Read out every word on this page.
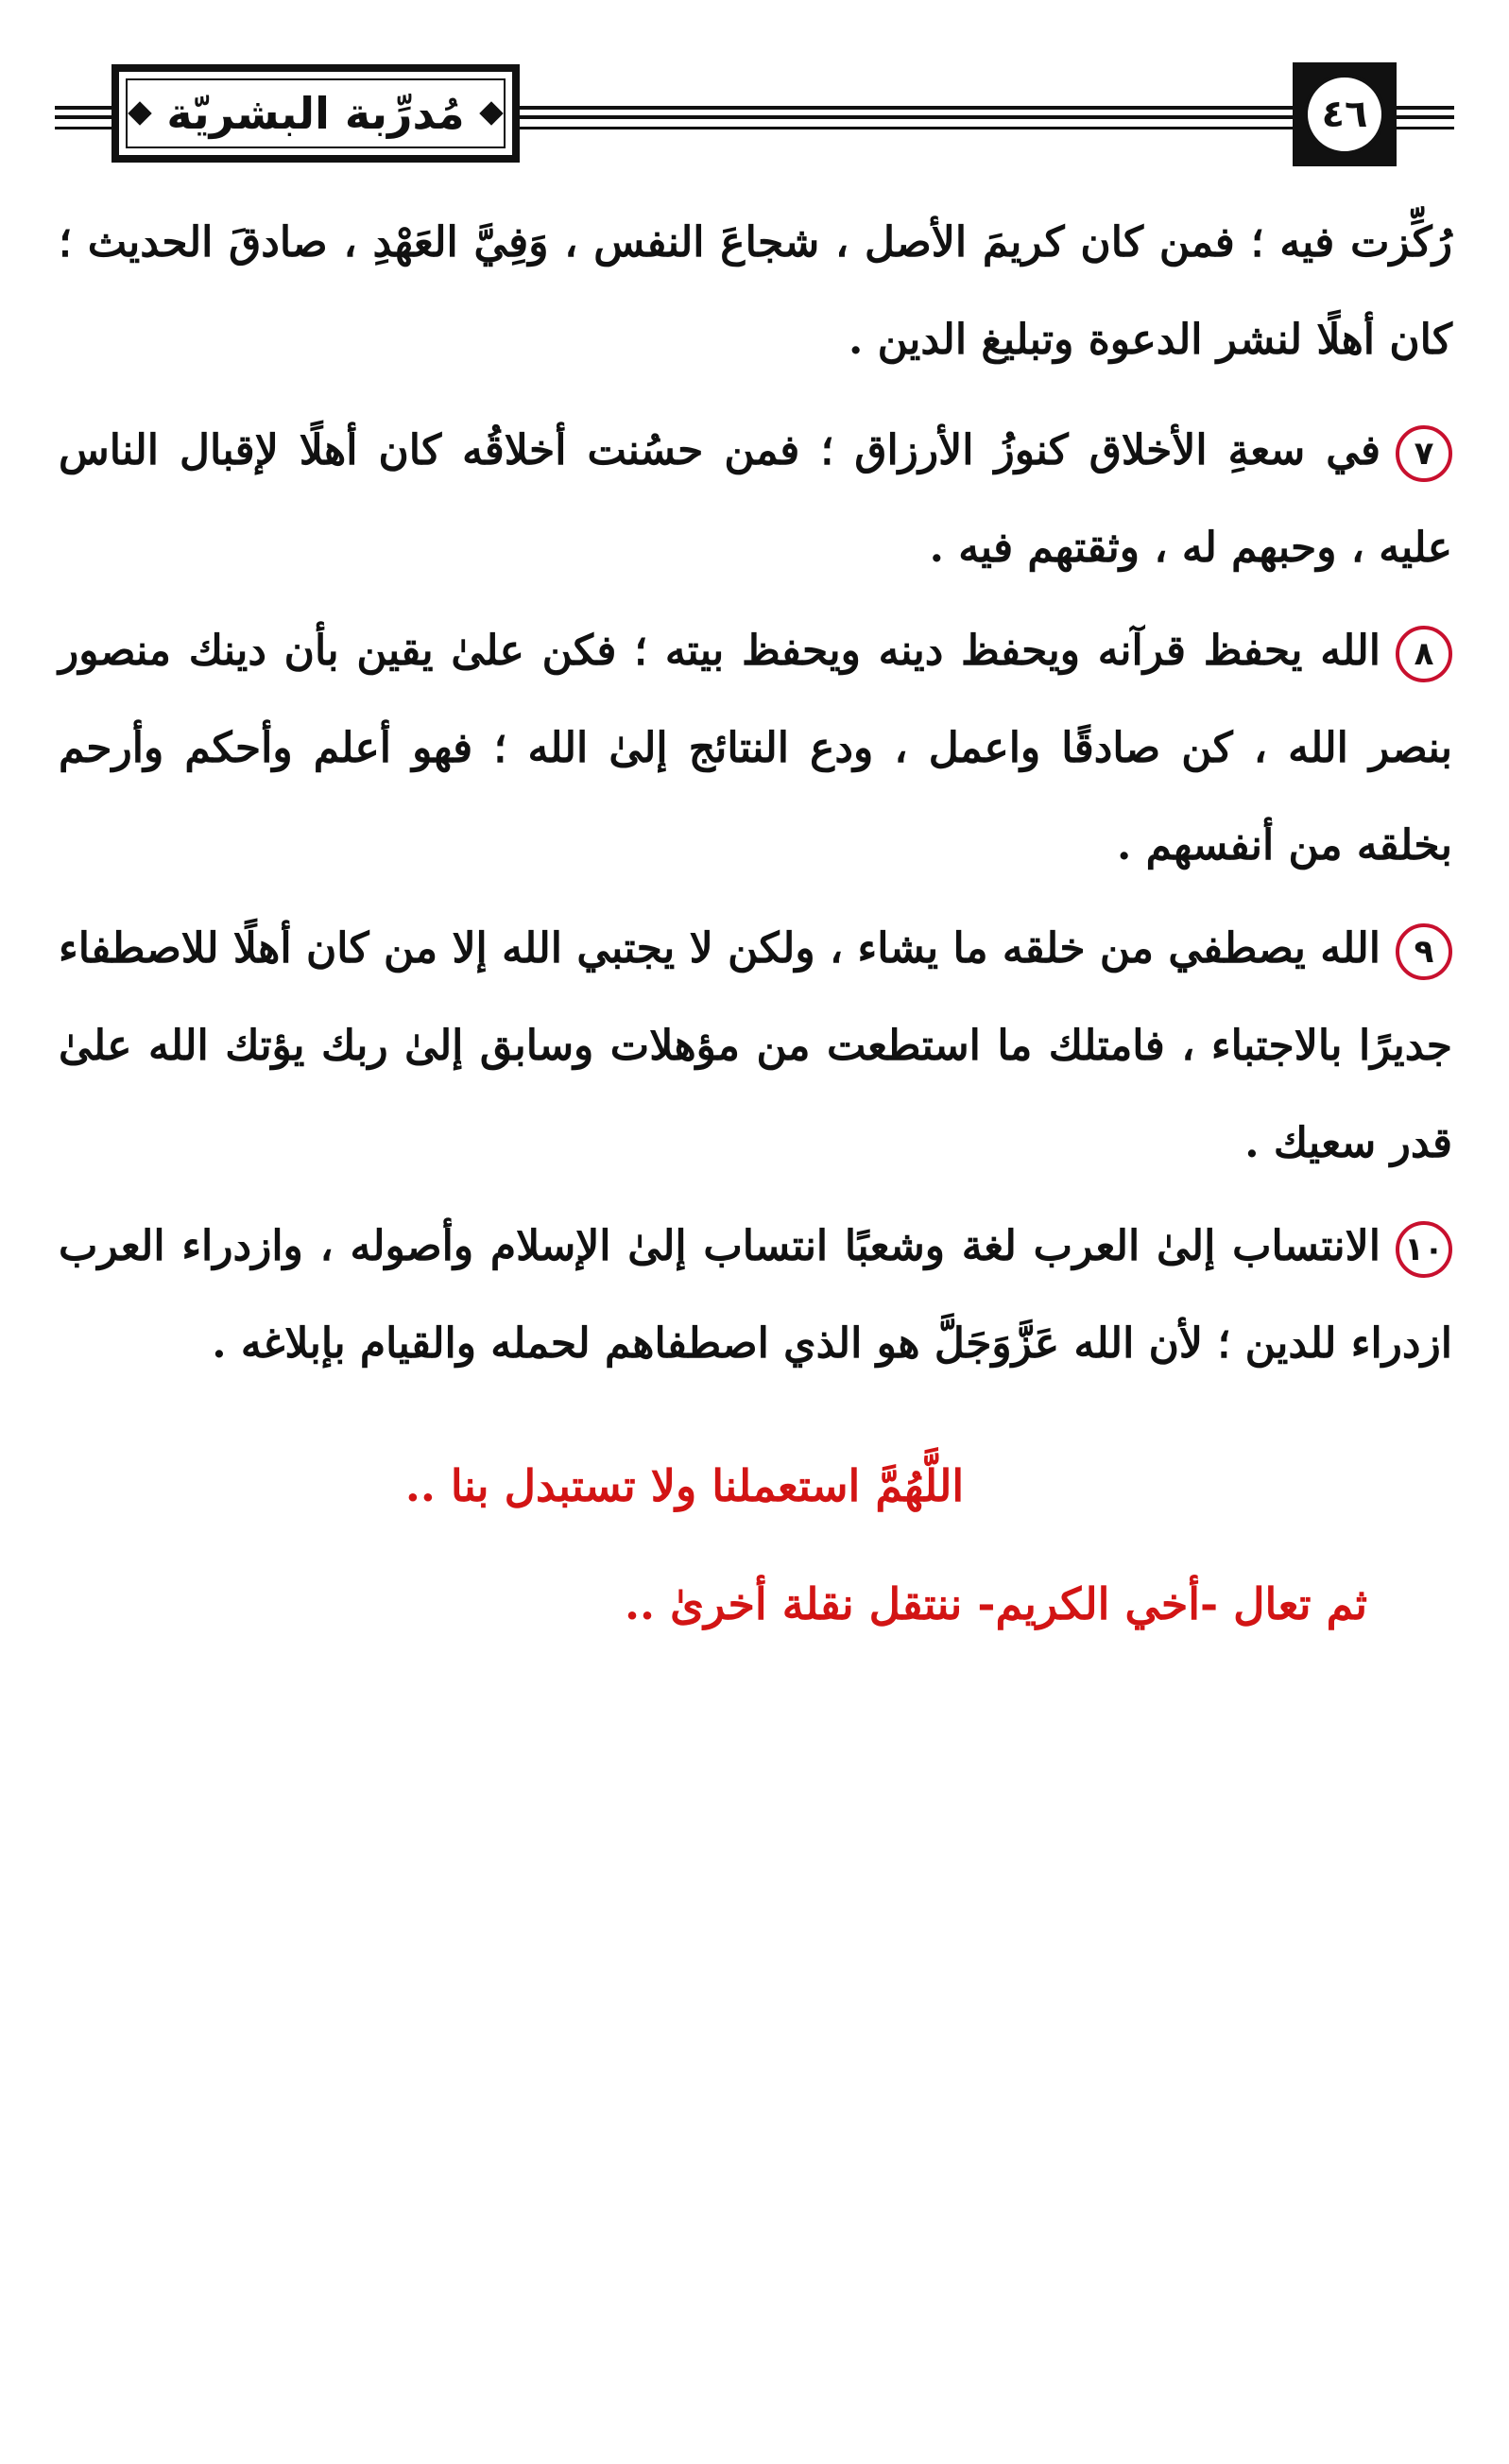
مُدرِّبة البشريّة	٤٦

رُكِّزت فيه ؛ فمن كان كريمَ الأصل ، شجاعَ النفس ، وَفِيَّ العَهْدِ ، صادقَ الحديث ؛ كان أهلًا لنشر الدعوة وتبليغ الدين .

٧في سعةِ الأخلاق كنوزُ الأرزاق ؛ فمن حسُنت أخلاقُه كان أهلًا لإقبال الناس عليه ، وحبهم له ، وثقتهم فيه .

٨الله يحفظ قرآنه ويحفظ دينه ويحفظ بيته ؛ فكن علىٰ يقين بأن دينك منصور بنصر الله ، كن صادقًا واعمل ، ودع النتائج إلىٰ الله ؛ فهو أعلم وأحكم وأرحم بخلقه من أنفسهم .

٩الله يصطفي من خلقه ما يشاء ، ولكن لا يجتبي الله إلا من كان أهلًا للاصطفاء جديرًا بالاجتباء ، فامتلك ما استطعت من مؤهلات وسابق إلىٰ ربك يؤتك الله علىٰ قدر سعيك .

١٠الانتساب إلىٰ العرب لغة وشعبًا انتساب إلىٰ الإسلام وأصوله ، وازدراء العرب ازدراء للدين ؛ لأن الله عَزَّوَجَلَّ هو الذي اصطفاهم لحمله والقيام بإبلاغه .

اللَّهُمَّ استعملنا ولا تستبدل بنا ..
ثم تعال -أخي الكريم- ننتقل نقلة أخرىٰ ..
